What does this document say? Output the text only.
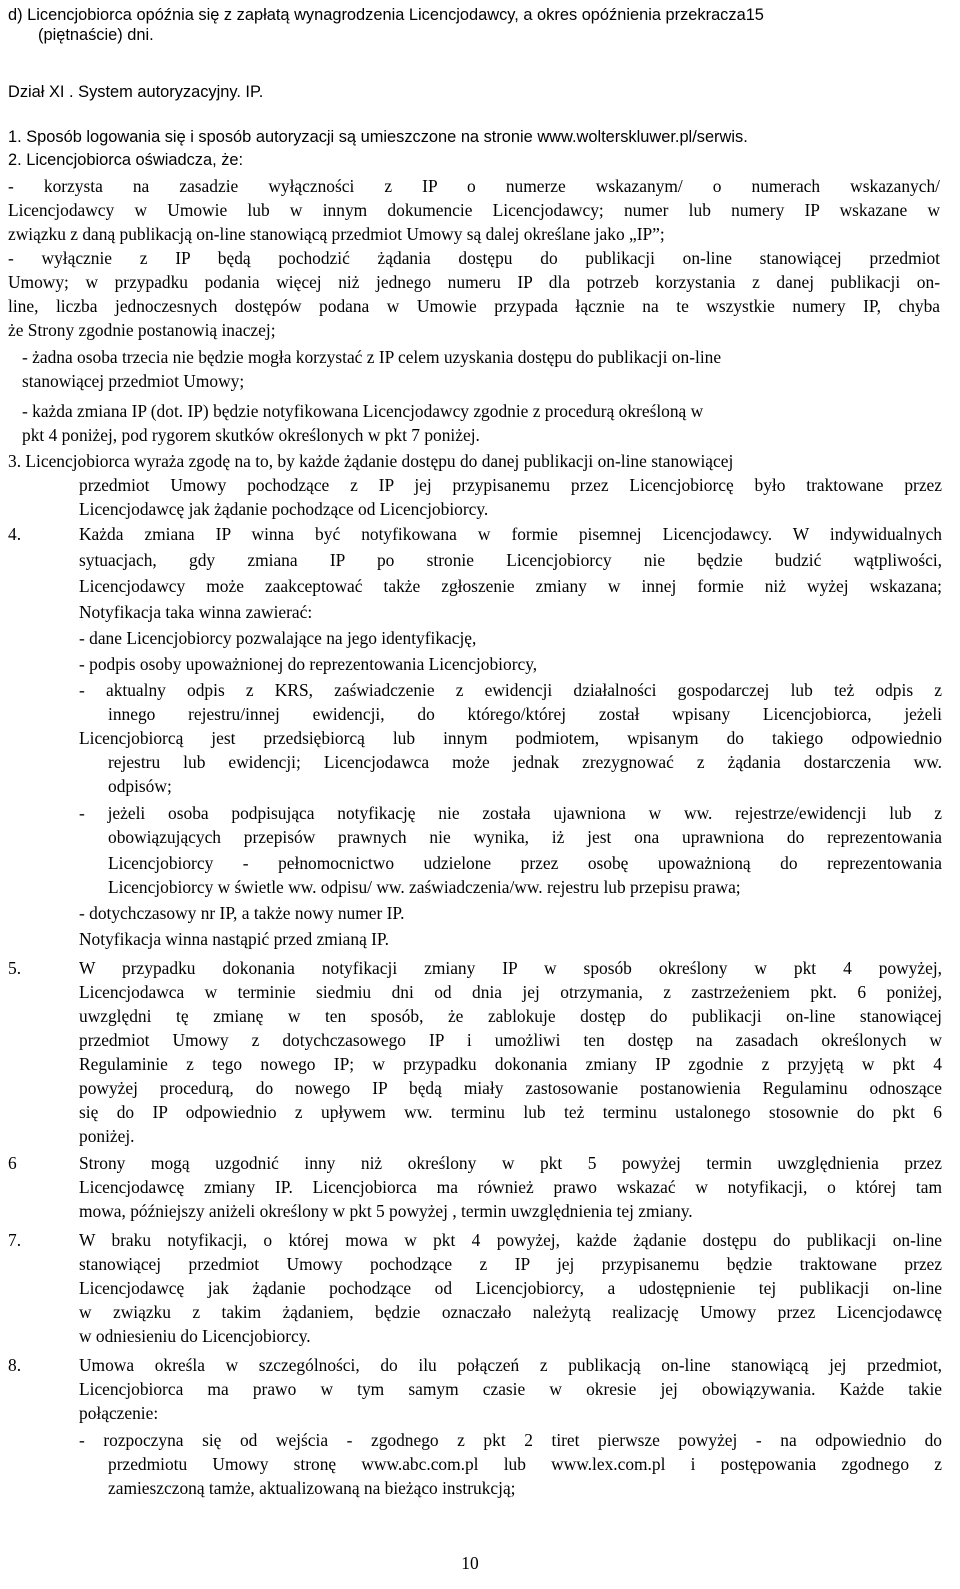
d) Licencjobiorca opóźnia się z zapłatą wynagrodzenia Licencjodawcy, a okres opóźnienia przekracza15
(piętnaście) dni.
Dział XI . System autoryzacyjny. IP.
1. Sposób logowania się i sposób autoryzacji są umieszczone na stronie www.wolterskluwer.pl/serwis.
2. Licencjobiorca oświadcza, że:
- korzysta na zasadzie wyłączności z IP o numerze wskazanym/ o numerach wskazanych/
Licencjodawcy w Umowie lub w innym dokumencie Licencjodawcy; numer lub numery IP wskazane w
związku z daną publikacją on-line stanowiącą przedmiot Umowy są dalej określane jako „IP”;
- wyłącznie z IP będą pochodzić żądania dostępu do publikacji on-line stanowiącej przedmiot
Umowy; w przypadku podania więcej niż jednego numeru IP dla potrzeb korzystania z danej publikacji on-
line, liczba jednoczesnych dostępów podana w Umowie przypada łącznie na te wszystkie numery IP, chyba
że Strony zgodnie postanowią inaczej;
- żadna osoba trzecia nie będzie mogła korzystać z IP celem uzyskania dostępu do publikacji on-line
stanowiącej przedmiot Umowy;
- każda zmiana IP (dot. IP) będzie notyfikowana Licencjodawcy zgodnie z procedurą określoną w
pkt 4 poniżej, pod rygorem skutków określonych w pkt 7 poniżej.
3. Licencjobiorca wyraża zgodę na to, by każde żądanie dostępu do danej publikacji on-line stanowiącej
przedmiot Umowy pochodzące z IP jej przypisanemu przez Licencjobiorcę było traktowane przez
Licencjodawcę jak żądanie pochodzące od Licencjobiorcy.
4.	Każda zmiana IP winna być notyfikowana w formie pisemnej Licencjodawcy. W indywidualnych
sytuacjach, gdy zmiana IP po stronie Licencjobiorcy nie będzie budzić wątpliwości,
Licencjodawcy może zaakceptować także zgłoszenie zmiany w innej formie niż wyżej wskazana;
Notyfikacja taka winna zawierać:
- dane Licencjobiorcy pozwalające na jego identyfikację,
- podpis osoby upoważnionej do reprezentowania Licencjobiorcy,
- aktualny odpis z KRS, zaświadczenie z ewidencji działalności gospodarczej lub też odpis z
innego rejestru/innej ewidencji, do którego/której został wpisany Licencjobiorca, jeżeli
Licencjobiorcą jest przedsiębiorcą lub innym podmiotem, wpisanym do takiego odpowiednio
rejestru lub ewidencji; Licencjodawca może jednak zrezygnować z żądania dostarczenia ww.
odpisów;
- jeżeli osoba podpisująca notyfikację nie została ujawniona w ww. rejestrze/ewidencji lub z
obowiązujących przepisów prawnych nie wynika, iż jest ona uprawniona do reprezentowania
Licencjobiorcy - pełnomocnictwo udzielone przez osobę upoważnioną do reprezentowania
Licencjobiorcy w świetle ww. odpisu/ ww. zaświadczenia/ww. rejestru lub przepisu prawa;
- dotychczasowy nr IP, a także nowy numer IP.
Notyfikacja winna nastąpić przed zmianą IP.
5.	W przypadku dokonania notyfikacji zmiany IP w sposób określony w pkt 4 powyżej,
Licencjodawca w terminie siedmiu dni od dnia jej otrzymania, z zastrzeżeniem pkt. 6 poniżej,
uwzględni tę zmianę w ten sposób, że zablokuje dostęp do publikacji on-line stanowiącej
przedmiot Umowy z dotychczasowego IP i umożliwi ten dostęp na zasadach określonych w
Regulaminie z tego nowego IP; w przypadku dokonania zmiany IP zgodnie z przyjętą w pkt 4
powyżej procedurą, do nowego IP będą miały zastosowanie postanowienia Regulaminu odnoszące
się do IP odpowiednio z upływem ww. terminu lub też terminu ustalonego stosownie do pkt 6
poniżej.
6	Strony mogą uzgodnić inny niż określony w pkt 5 powyżej termin uwzględnienia przez
Licencjodawcę zmiany IP. Licencjobiorca ma również prawo wskazać w notyfikacji, o której tam
mowa, późniejszy aniżeli określony w pkt 5 powyżej , termin uwzględnienia tej zmiany.
7.	W braku notyfikacji, o której mowa w pkt 4 powyżej, każde żądanie dostępu do publikacji on-line
stanowiącej przedmiot Umowy pochodzące z IP jej przypisanemu będzie traktowane przez
Licencjodawcę jak żądanie pochodzące od Licencjobiorcy, a udostępnienie tej publikacji on-line
w związku z takim żądaniem, będzie oznaczało należytą realizację Umowy przez Licencjodawcę
w odniesieniu do Licencjobiorcy.
8.	Umowa określa w szczególności, do ilu połączeń z publikacją on-line stanowiącą jej przedmiot,
Licencjobiorca ma prawo w tym samym czasie w okresie jej obowiązywania. Każde takie
połączenie:
- rozpoczyna się od wejścia - zgodnego z pkt 2 tiret pierwsze powyżej - na odpowiednio do
przedmiotu Umowy stronę www.abc.com.pl lub www.lex.com.pl i postępowania zgodnego z
zamieszczoną tamże, aktualizowaną na bieżąco instrukcją;
10
